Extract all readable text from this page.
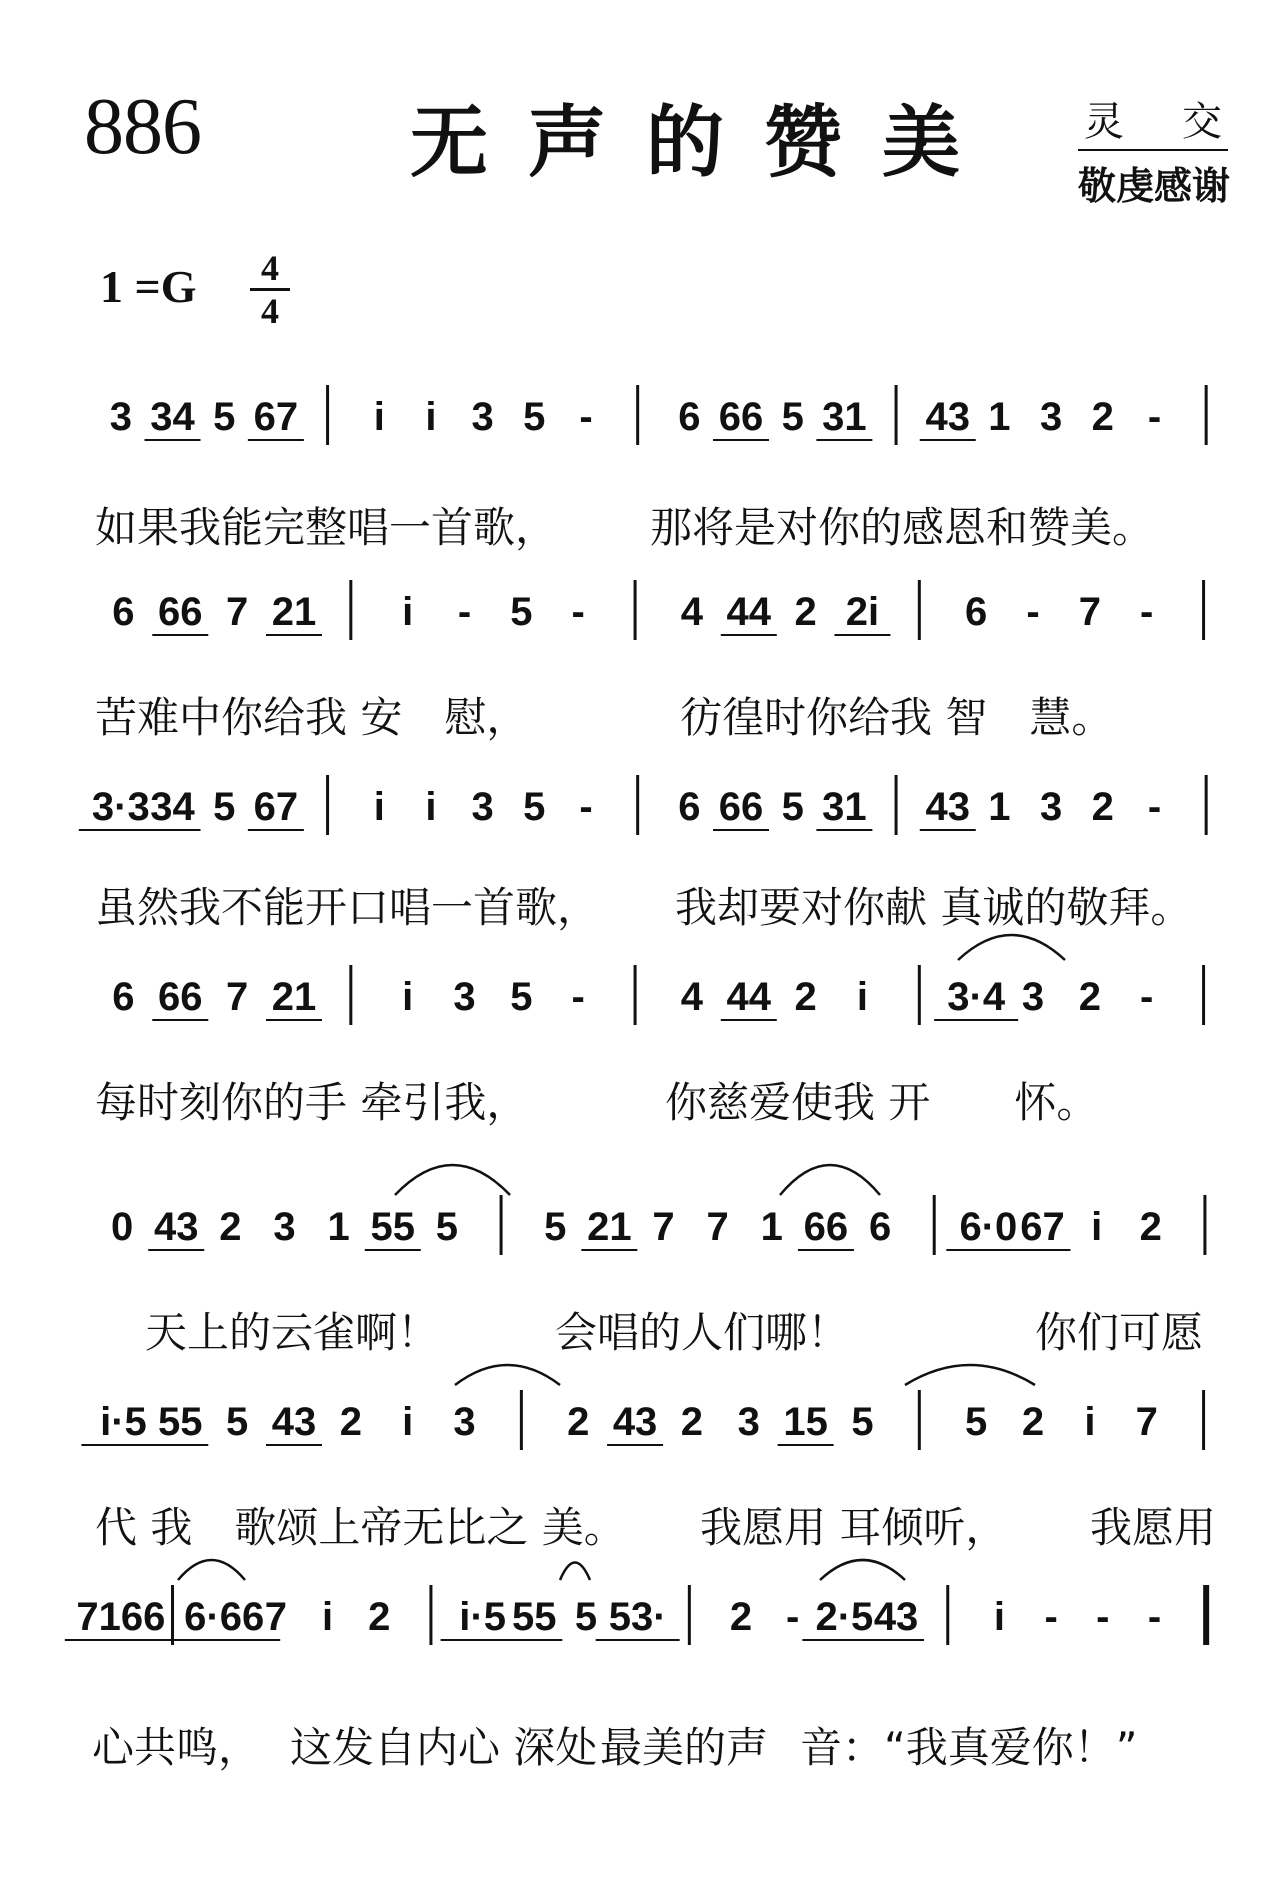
886	无声的赞美 灵 交
敬虔感谢
1 =G	4
4
3 34 5 67 i i 3 5 - 6 66 5 31 43 1 3 2 -
6 66 7 21 i - 5 - 4 44 2 2i 6 - 7 -
3·3 34 5 67 i i 3 5 - 6 66 5 31 43 1 3 2 -
6 66 7 21 i 3 5 - 4 44 2 i 3·4 3 2 -
0 43 2 3 1 55 5 5 21 7 7 1 66 6 6·0 67 i 2
i·5 55 5 43 2 i 3 2 43 2 3 15 5 5 2 i 7
7166 6·66 7 i 2 i·5 55 5 53· 2 - 2·5 43 i - - -
如果我能完整唱一首歌， 那将是对你的感恩和赞美。
苦难中你给我 安　慰，	彷徨时你给我 智　慧。
虽然我不能开口唱一首歌， 我却要对你献 真诚的敬拜。
每时刻你的手 牵引我，	你慈爱使我 开　　怀。
天上的云雀啊！	会唱的人们哪！	你们可愿
代 我　歌颂上帝无比之 美。 我愿用 耳倾听， 我愿用
心共鸣， 这发自内心 深处 最美的声 音：“我真爱你！”
